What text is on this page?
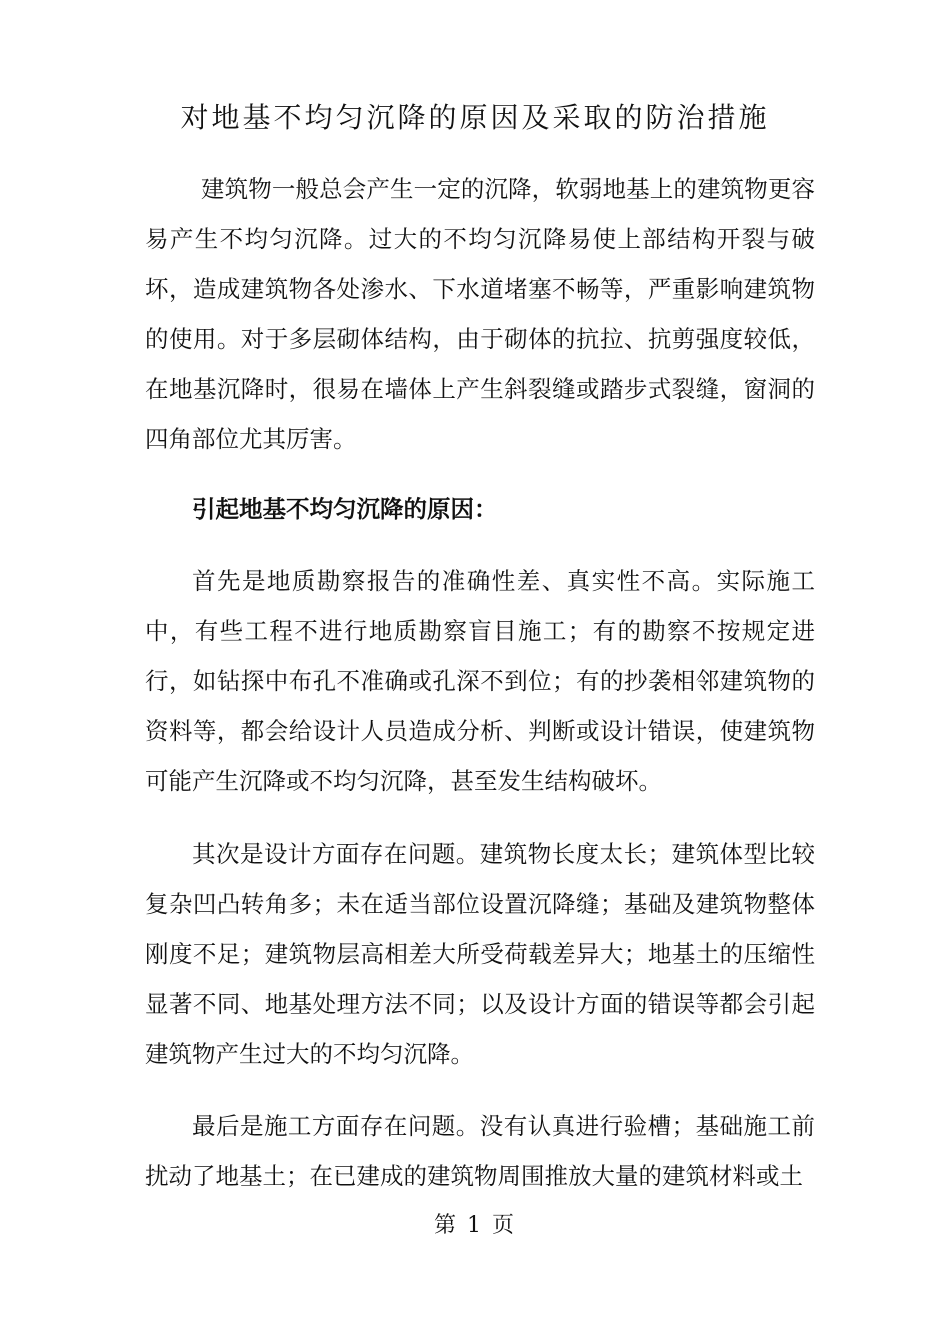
对地基不均匀沉降的原因及采取的防治措施

建筑物一般总会产生一定的沉降，软弱地基上的建筑物更容易产生不均匀沉降。过大的不均匀沉降易使上部结构开裂与破坏，造成建筑物各处渗水、下水道堵塞不畅等，严重影响建筑物的使用。对于多层砌体结构，由于砌体的抗拉、抗剪强度较低，在地基沉降时，很易在墙体上产生斜裂缝或踏步式裂缝，窗洞的四角部位尤其厉害。

引起地基不均匀沉降的原因：

首先是地质勘察报告的准确性差、真实性不高。实际施工中，有些工程不进行地质勘察盲目施工；有的勘察不按规定进行，如钻探中布孔不准确或孔深不到位；有的抄袭相邻建筑物的资料等，都会给设计人员造成分析、判断或设计错误，使建筑物可能产生沉降或不均匀沉降，甚至发生结构破坏。

其次是设计方面存在问题。建筑物长度太长；建筑体型比较复杂凹凸转角多；未在适当部位设置沉降缝；基础及建筑物整体刚度不足；建筑物层高相差大所受荷载差异大；地基土的压缩性显著不同、地基处理方法不同；以及设计方面的错误等都会引起建筑物产生过大的不均匀沉降。

最后是施工方面存在问题。没有认真进行验槽；基础施工前扰动了地基土；在已建成的建筑物周围推放大量的建筑材料或土

第 1 页
